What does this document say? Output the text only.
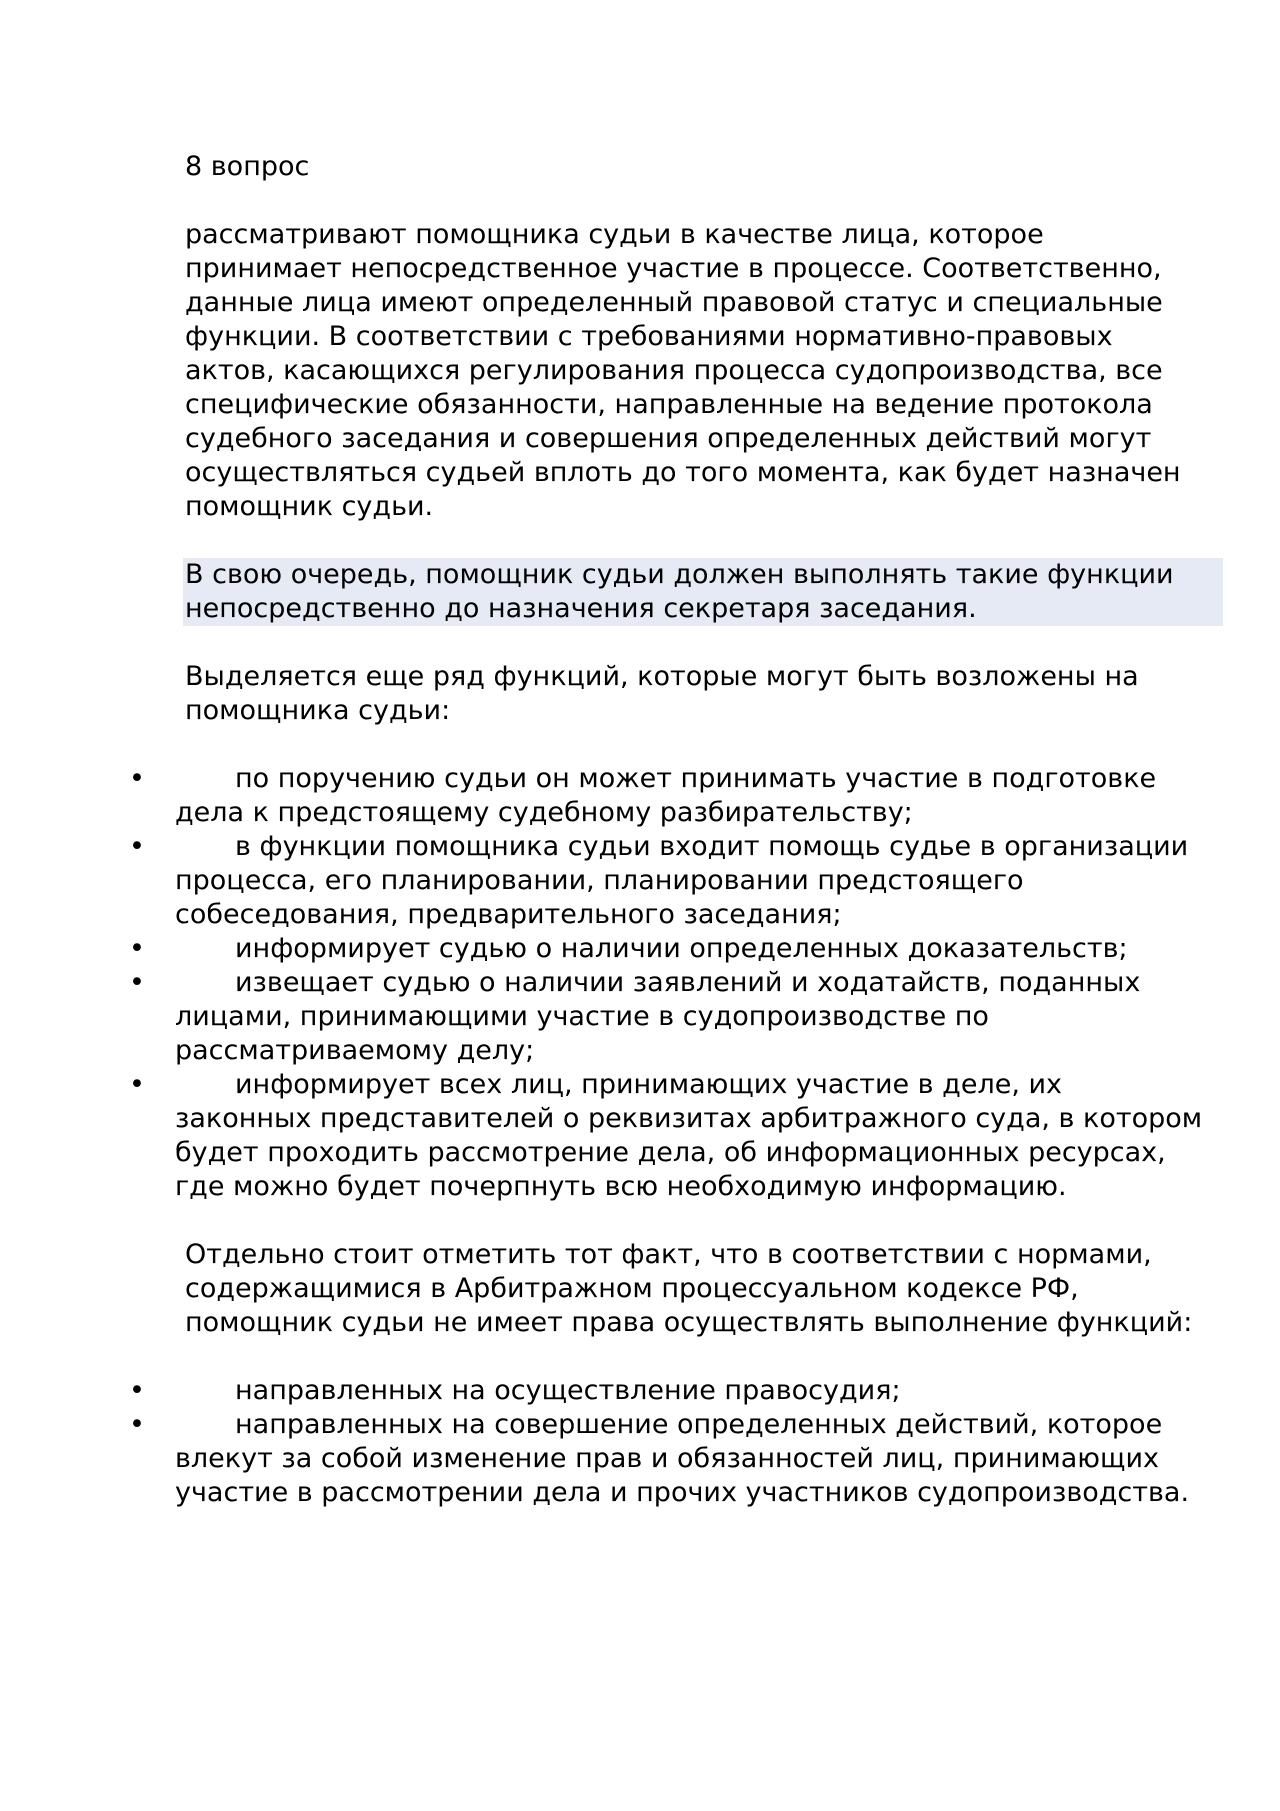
8 вопрос

рассматривают помощника судьи в качестве лица, которое принимает непосредственное участие в процессе. Соответственно, данные лица имеют определенный правовой статус и специальные функции. В соответствии с требованиями нормативно-правовых актов, касающихся регулирования процесса судопроизводства, все специфические обязанности, направленные на ведение протокола судебного заседания и совершения определенных действий могут осуществляться судьей вплоть до того момента, как будет назначен помощник судьи.

В свою очередь, помощник судьи должен выполнять такие функции непосредственно до назначения секретаря заседания.

Выделяется еще ряд функций, которые могут быть возложены на помощника судьи:

•	по поручению судьи он может принимать участие в подготовке дела к предстоящему судебному разбирательству;
•	в функции помощника судьи входит помощь судье в организации процесса, его планировании, планировании предстоящего собеседования, предварительного заседания;
•	информирует судью о наличии определенных доказательств;
•	извещает судью о наличии заявлений и ходатайств, поданных лицами, принимающими участие в судопроизводстве по рассматриваемому делу;
•	информирует всех лиц, принимающих участие в деле, их законных представителей о реквизитах арбитражного суда, в котором будет проходить рассмотрение дела, об информационных ресурсах, где можно будет почерпнуть всю необходимую информацию.

Отдельно стоит отметить тот факт, что в соответствии с нормами, содержащимися в Арбитражном процессуальном кодексе РФ, помощник судьи не имеет права осуществлять выполнение функций:

•	направленных на осуществление правосудия;
•	направленных на совершение определенных действий, которое влекут за собой изменение прав и обязанностей лиц, принимающих участие в рассмотрении дела и прочих участников судопроизводства.
